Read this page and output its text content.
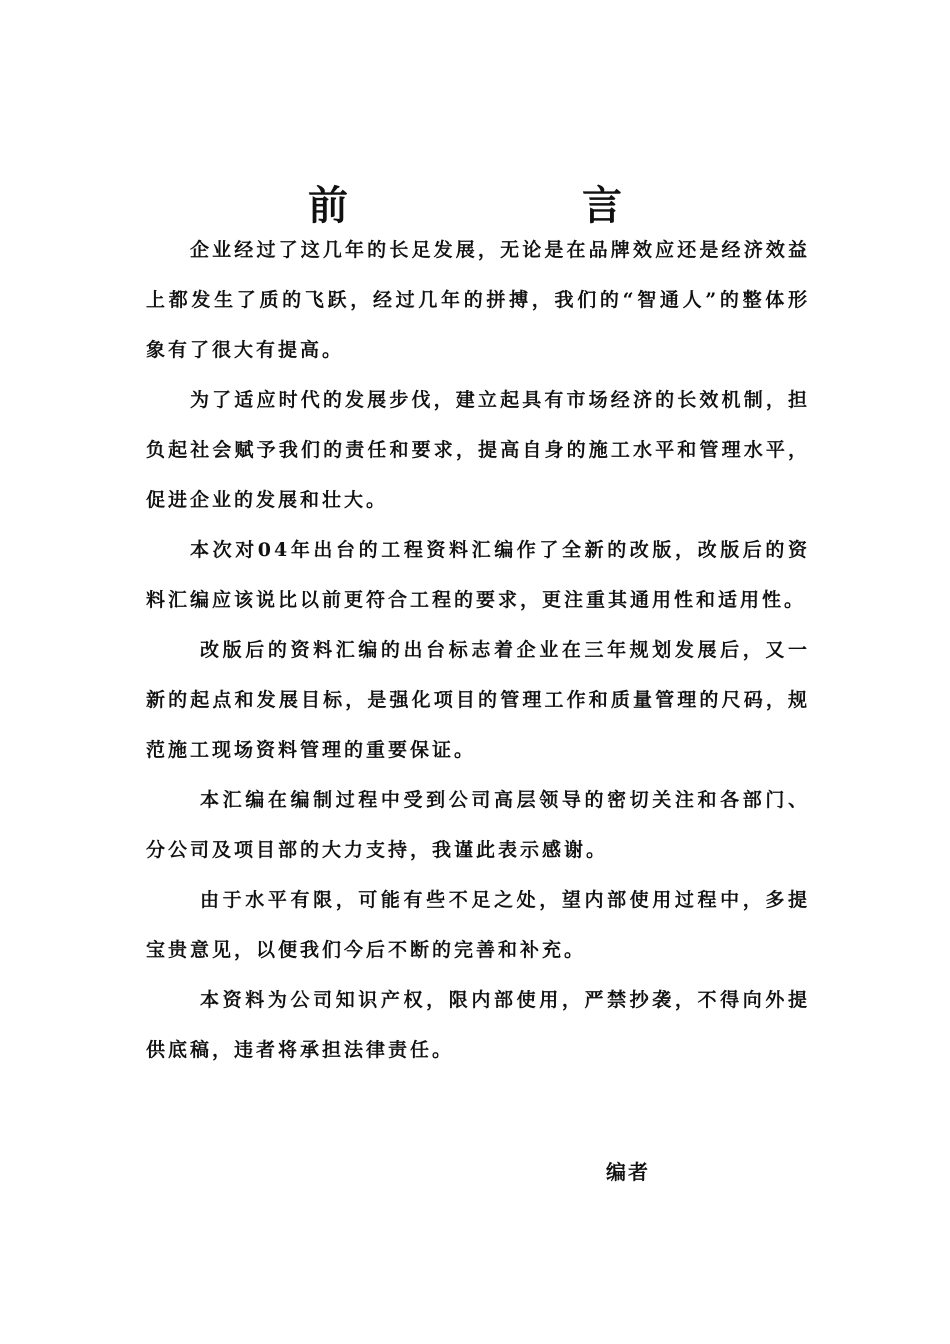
前	言

企业经过了这几年的长足发展，无论是在品牌效应还是经济效益上都发生了质的飞跃，经过几年的拼搏，我们的“智通人”的整体形象有了很大有提高。

为了适应时代的发展步伐，建立起具有市场经济的长效机制，担负起社会赋予我们的责任和要求，提高自身的施工水平和管理水平，促进企业的发展和壮大。

本次对04年出台的工程资料汇编作了全新的改版，改版后的资料汇编应该说比以前更符合工程的要求，更注重其通用性和适用性。

改版后的资料汇编的出台标志着企业在三年规划发展后，又一新的起点和发展目标，是强化项目的管理工作和质量管理的尺码，规范施工现场资料管理的重要保证。

本汇编在编制过程中受到公司高层领导的密切关注和各部门、分公司及项目部的大力支持，我谨此表示感谢。

由于水平有限，可能有些不足之处，望内部使用过程中，多提宝贵意见，以便我们今后不断的完善和补充。

本资料为公司知识产权，限内部使用，严禁抄袭，不得向外提供底稿，违者将承担法律责任。

编者
